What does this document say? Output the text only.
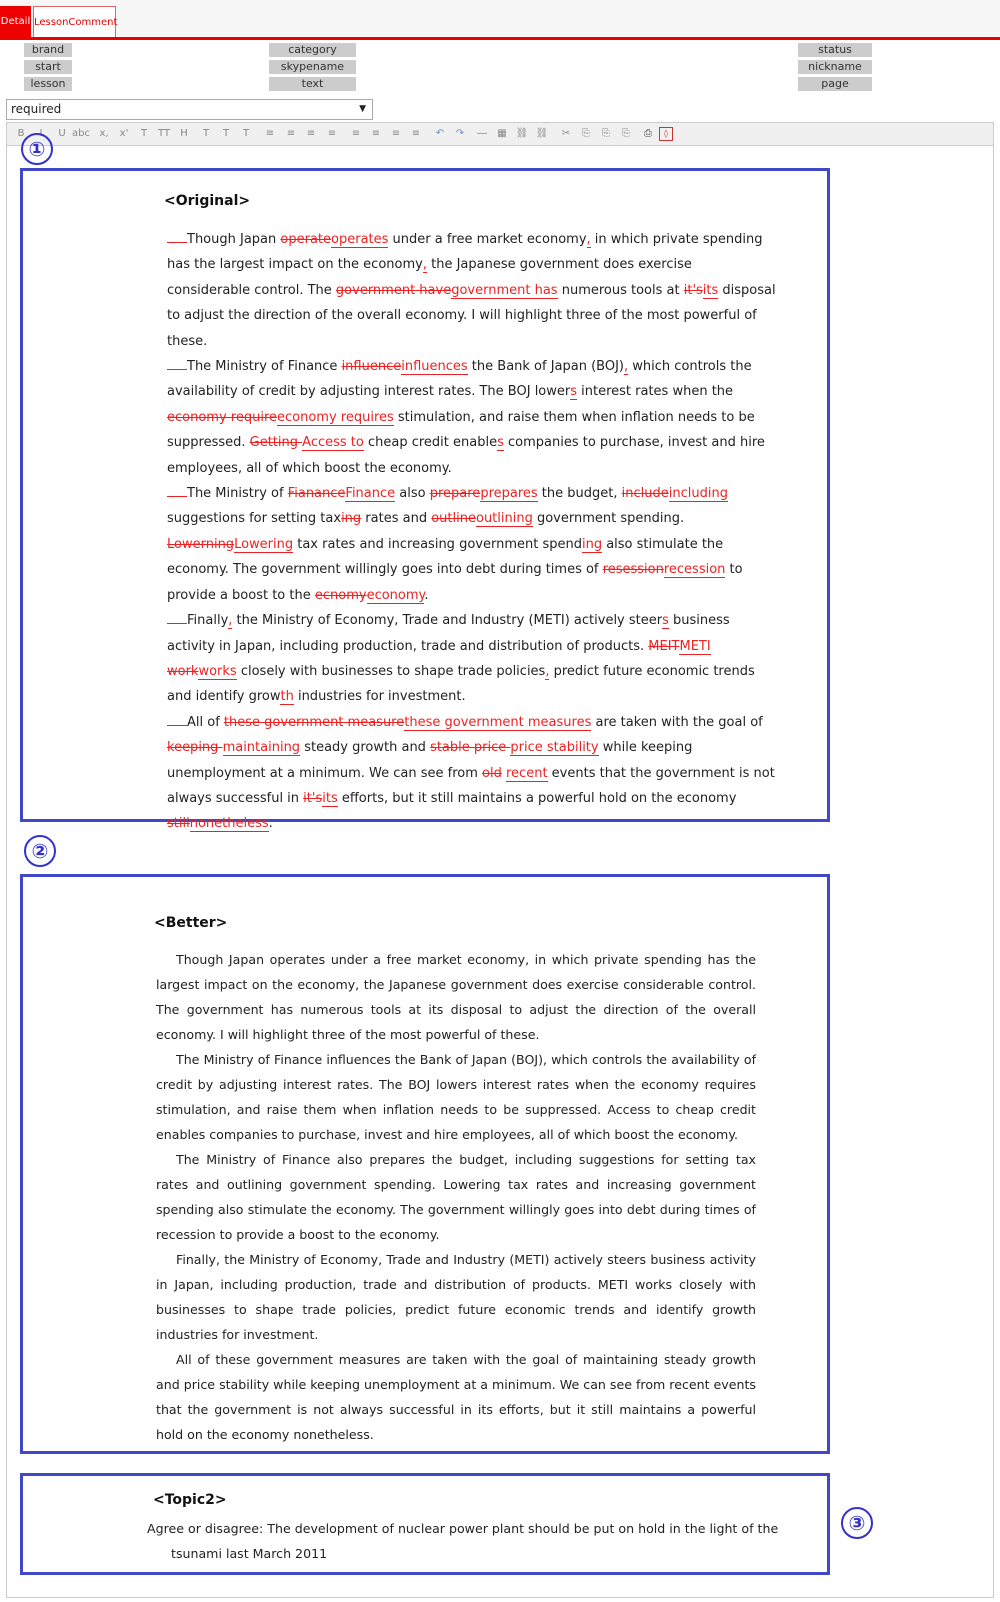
Detail LessonComment
brand
start
lesson
category
skypename
text
status
nickname
page
required	▼
B	I	U abc x,	x'	T	TT	H	T	T	T	≡	≡	≡	≡	≡	≡	≡	≡	↶	↷	―	▦ ⛓ ⛓	✂	⎘	⎘	⎘	⎙	◊
①
<Original>

Though Japan operateoperates under a free market economy, in which private spending has the largest impact on the economy, the Japanese government does exercise considerable control. The government havegovernment has numerous tools at it'sits disposal to adjust the direction of the overall economy. I will highlight three of the most powerful of these.

The Ministry of Finance influenceinfluences the Bank of Japan (BOJ), which controls the availability of credit by adjusting interest rates. The BOJ lowers interest rates when the economy requireeconomy requires stimulation, and raise them when inflation needs to be suppressed. Getting Access to cheap credit enables companies to purchase, invest and hire employees, all of which boost the economy.

The Ministry of FiananceFinance also prepareprepares the budget, includeincluding suggestions for setting taxing rates and outlineoutlining government spending. LowerningLowering tax rates and increasing government spending also stimulate the economy. The government willingly goes into debt during times of resessionrecession to provide a boost to the ecnomyeconomy.

Finally, the Ministry of Economy, Trade and Industry (METI) actively steers business activity in Japan, including production, trade and distribution of products. MEITMETI workworks closely with businesses to shape trade policies, predict future economic trends and identify growth industries for investment.

All of these government measurethese government measures are taken with the goal of keeping maintaining steady growth and stable price price stability while keeping unemployment at a minimum. We can see from old recent events that the government is not always successful in it'sits efforts, but it still maintains a powerful hold on the economy stillnonetheless.

②
<Better>

Though Japan operates under a free market economy, in which private spending has the largest impact on the economy, the Japanese government does exercise considerable control. The government has numerous tools at its disposal to adjust the direction of the overall economy. I will highlight three of the most powerful of these.

The Ministry of Finance influences the Bank of Japan (BOJ), which controls the availability of credit by adjusting interest rates. The BOJ lowers interest rates when the economy requires stimulation, and raise them when inflation needs to be suppressed. Access to cheap credit enables companies to purchase, invest and hire employees, all of which boost the economy.

The Ministry of Finance also prepares the budget, including suggestions for setting tax rates and outlining government spending. Lowering tax rates and increasing government spending also stimulate the economy. The government willingly goes into debt during times of recession to provide a boost to the economy.

Finally, the Ministry of Economy, Trade and Industry (METI) actively steers business activity in Japan, including production, trade and distribution of products. METI works closely with businesses to shape trade policies, predict future economic trends and identify growth industries for investment.

All of these government measures are taken with the goal of maintaining steady growth and price stability while keeping unemployment at a minimum. We can see from recent events that the government is not always successful in its efforts, but it still maintains a powerful hold on the economy nonetheless.

<Topic2>
Agree or disagree: The development of nuclear power plant should be put on hold in the light of the
tsunami last March 2011
③
